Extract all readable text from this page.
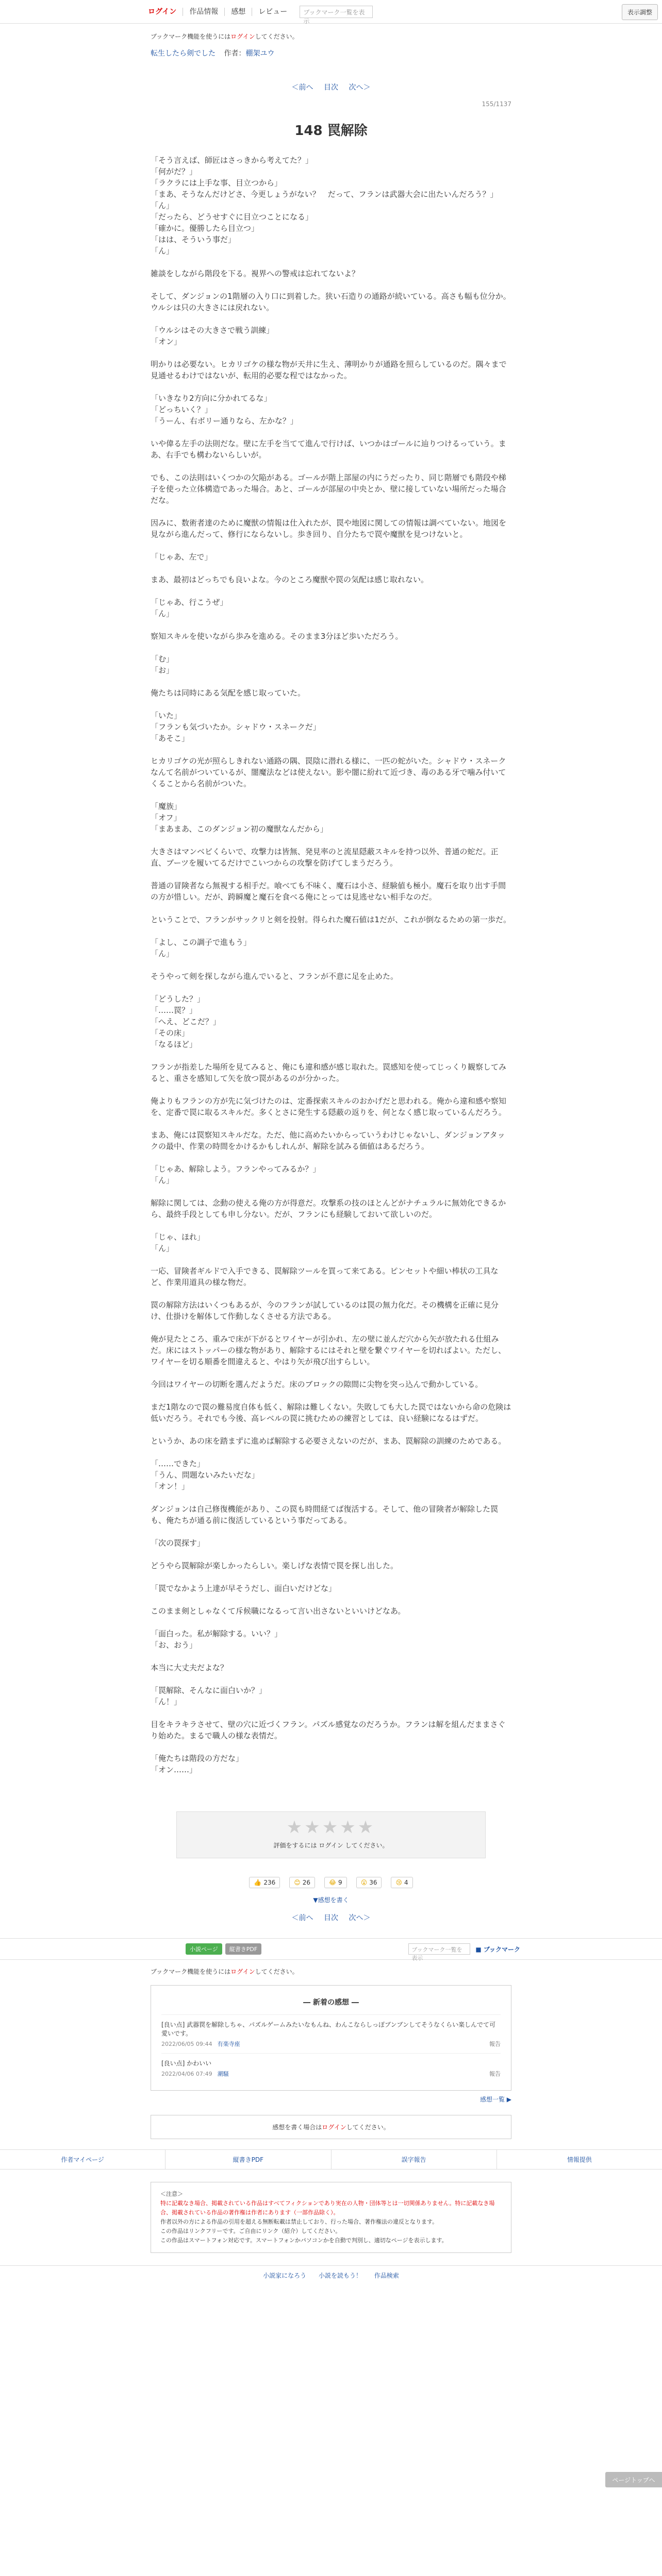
ログイン	作品情報	感想	レビュー	ブックマーク一覧を表示
表示調整
ブックマーク機能を使うにはログインしてください。
転生したら剣でした 作者：棚架ユウ
＜前へ 目次 次へ＞
155/1137
148 罠解除

「そう言えば、師匠はさっきから考えてた？」

「何がだ？」

「ラクラには上手な事、目立つから」

「まあ、そうなんだけどさ、今更しょうがない？　だって、フランは武器大会に出たいんだろう？」

「ん」

「だったら、どうせすぐに目立つことになる」

「確かに。優勝したら目立つ」

「はは、そういう事だ」

「ん」

雑談をしながら階段を下る。視界への警戒は忘れてないよ？

そして、ダンジョンの1階層の入り口に到着した。狭い石造りの通路が続いている。高さも幅も位分か。ウルシは只の大きさには戻れない。

「ウルシはその大きさで戦う訓練」

「オン」

明かりは必要ない。ヒカリゴケの様な物が天井に生え、薄明かりが通路を照らしているのだ。隅々まで見通せるわけではないが、転用的必要な程ではなかった。

「いきなり2方向に分かれてるな」

「どっちいく？」

「うーん、右ボリー通りなら、左かな？」

いや偉る左手の法則だな。壁に左手を当てて進んで行けば、いつかはゴールに辿りつけるっていう。まあ、右手でも構わないらしいが。

でも、この法則はいくつかの欠陥がある。ゴールが階上部屋の内にうだったり、同じ階層でも階段や梯子を使った立体構造であった場合。あと、ゴールが部屋の中央とか、壁に接していない場所だった場合だな。

因みに、数術者達のために魔獣の情報は仕入れたが、罠や地図に関しての情報は調べていない。地図を見ながら進んだって、修行にならないし。歩き回り、自分たちで罠や魔獣を見つけないと。

「じゃあ、左で」

まあ、最初はどっちでも良いよな。今のところ魔獣や罠の気配は感じ取れない。

「じゃあ、行こうぜ」

「ん」

察知スキルを使いながら歩みを進める。そのまま3分ほど歩いただろう。

「む」

「お」

俺たちは同時にある気配を感じ取っていた。

「いた」

「フランも気づいたか。シャドウ・スネークだ」

「あそこ」

ヒカリゴケの光が照らしきれない通路の隅、罠陰に潜れる様に、一匹の蛇がいた。シャドウ・スネークなんて名前がついているが、闇魔法などは使えない。影や闇に紛れて近づき、毒のある牙で噛み付いてくることから名前がついた。

「魔族」

「オフ」

「まあまあ、このダンジョン初の魔獣なんだから」

大きさはマンベビくらいで、攻撃力は皆無、発見率のと流星隠蔽スキルを持つ以外、普通の蛇だ。正直、ブーツを履いてるだけでこいつからの攻撃を防げてしまうだろう。

普通の冒険者なら無視する相手だ。喰べても不味く、魔石は小さ、経験値も極小。魔石を取り出す手間の方が惜しい。だが、跨瞬魔と魔石を食べる俺にとっては見逃せない相手なのだ。

ということで、フランがサックリと剣を投射。得られた魔石値は1だが、これが倒なるための第一歩だ。

「よし、この調子で進もう」

「ん」

そうやって剣を探しながら進んでいると、フランが不意に足を止めた。

「どうした？」

「……罠？」

「へえ、どこだ？」

「その床」

「なるほど」

フランが指差した場所を見てみると、俺にも違和感が感じ取れた。罠感知を使ってじっくり観察してみると、重さを感知して矢を放つ罠があるのが分かった。

俺よりもフランの方が先に気づけたのは、定番探索スキルのおかげだと思われる。俺から違和感や察知を、定番で罠に取るスキルだ。多くとさに発生する隠蔽の返りを、何となく感じ取っているんだろう。

まあ、俺には罠察知スキルだな。ただ、他に高めたいからっていうわけじゃないし、ダンジョンアタックの最中、作業の時間をかけるかもしれんが、解除を試みる価値はあるだろう。

「じゃあ、解除しよう。フランやってみるか？」

「ん」

解除に関しては、念動の使える俺の方が得意だ。攻撃系の技のほとんどがナチュラルに無効化できるから、最終手段としても申し分ない。だが、フランにも経験しておいて欲しいのだ。

「じゃ、ほれ」

「ん」

一応、冒険者ギルドで入手できる、罠解除ツールを買って来てある。ピンセットや細い棒状の工具など、作業用道具の様な物だ。

罠の解除方法はいくつもあるが、今のフランが試しているのは罠の無力化だ。その機構を正確に見分け、仕掛けを解体して作動しなくさせる方法である。

俺が見たところ、重みで床が下がるとワイヤーが引かれ、左の壁に並んだ穴から矢が放たれる仕組みだ。床にはストッパーの様な物があり、解除するにはそれと壁を繋ぐワイヤーを切ればよい。ただし、ワイヤーを切る順番を間違えると、やはり矢が飛び出すらしい。

今回はワイヤーの切断を選んだようだ。床のブロックの隙間に尖物を突っ込んで動かしている。

まだ1階なので罠の難易度自体も低く、解除は難しくない。失敗しても大した罠ではないから命の危険は低いだろう。それでも今後、高レベルの罠に挑むための練習としては、良い経験になるはずだ。

というか、あの床を踏まずに進めば解除する必要さえないのだが、まあ、罠解除の訓練のためである。

「……できた」

「うん、問題ないみたいだな」

「オン！」

ダンジョンは自己修復機能があり、この罠も時間経てば復活する。そして、他の冒険者が解除した罠も、俺たちが通る前に復活しているという事だってある。

「次の罠探す」

どうやら罠解除が楽しかったらしい。楽しげな表情で罠を探し出した。

「罠でなかよう上達が早そうだし、面白いだけどな」

このまま剣としゃなくて斥候職になるって言い出さないといいけどなあ。

「面白った。私が解除する。いい？」

「お、おう」

本当に大丈夫だよな？

「罠解除、そんなに面白いか？」

「ん！」

目をキラキラさせて、壁の穴に近づくフラン。パズル感覚なのだろうか。フランは解を組んだままさぐり始めた。まるで職人の様な表情だ。

「俺たちは階段の方だな」

「オン……」

ページトップへ
★★★★★
評価をするには ログイン してください。
👍 236	😊 26	😂 9	😮 36	😢 4
▼感想を書く
＜前へ 目次 次へ＞
小説ページ	縦書きPDF	ブックマーク一覧を表示
■ ブックマーク
ブックマーク機能を使うにはログインしてください。
― 新着の感想 ―
[良い点] 武器罠を解除しちゃ、パズルゲームみたいなもんね、わんこならしっぽブンブンしてそうなくらい楽しんでて可愛いです。
2022/06/05 09:44 有楽寺座	報告
[良い点] かわいい
2022/04/06 07:49 潮騒	報告
感想一覧 ▶
感想を書く場合はログインしてください。
作者マイページ	縦書きPDF	誤字報告	情報提供
＜注意＞
特に記載なき場合、掲載されている作品はすべてフィクションであり実在の人物・団体等とは一切関係ありません。特に記載なき場合、掲載されている作品の著作権は作者にあります（一部作品除く）。
作者以外の方による作品の引用を超える無断転載は禁止しており、行った場合、著作権法の違反となります。
この作品はリンクフリーです。ご自由にリンク（紹介）してください。
この作品はスマートフォン対応です。スマートフォンかパソコンかを自動で判別し、適切なページを表示します。
小説家になろう 小説を読もう！ 作品検索
